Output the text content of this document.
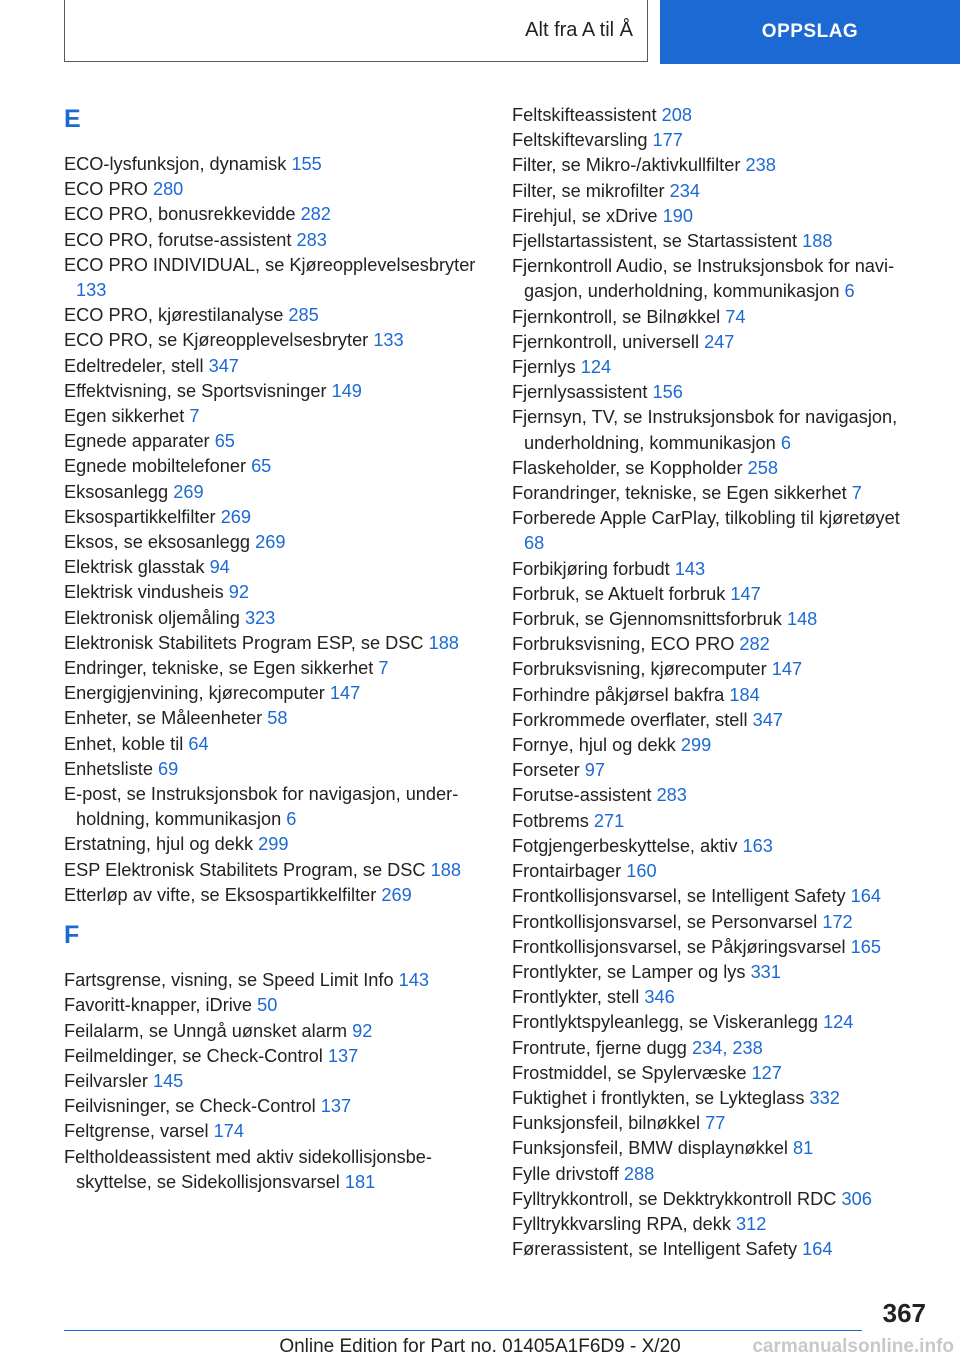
Alt fra A til Å	OPPSLAG
E
ECO-lysfunksjon, dynamisk 155
ECO PRO 280
ECO PRO, bonusrekkevidde 282
ECO PRO, forutse-assistent 283
ECO PRO INDIVIDUAL, se Kjøreopplevelsesbryter 133
ECO PRO, kjørestilanalyse 285
ECO PRO, se Kjøreopplevelsesbryter 133
Edeltredeler, stell 347
Effektvisning, se Sportsvisninger 149
Egen sikkerhet 7
Egnede apparater 65
Egnede mobiltelefoner 65
Eksosanlegg 269
Eksospartikkelfilter 269
Eksos, se eksosanlegg 269
Elektrisk glasstak 94
Elektrisk vindusheis 92
Elektronisk oljemåling 323
Elektronisk Stabilitets Program ESP, se DSC 188
Endringer, tekniske, se Egen sikkerhet 7
Energigjenvining, kjørecomputer 147
Enheter, se Måleenheter 58
Enhet, koble til 64
Enhetsliste 69
E-post, se Instruksjonsbok for navigasjon, underholdning, kommunikasjon 6
Erstatning, hjul og dekk 299
ESP Elektronisk Stabilitets Program, se DSC 188
Etterløp av vifte, se Eksospartikkelfilter 269
F
Fartsgrense, visning, se Speed Limit Info 143
Favoritt-knapper, iDrive 50
Feilalarm, se Unngå uønsket alarm 92
Feilmeldinger, se Check-Control 137
Feilvarsler 145
Feilvisninger, se Check-Control 137
Feltgrense, varsel 174
Feltholdeassistent med aktiv sidekollisjonsbeskyttelse, se Sidekollisjonsvarsel 181
Feltskifteassistent 208
Feltskiftevarsling 177
Filter, se Mikro-/aktivkullfilter 238
Filter, se mikrofilter 234
Firehjul, se xDrive 190
Fjellstartassistent, se Startassistent 188
Fjernkontroll Audio, se Instruksjonsbok for navigasjon, underholdning, kommunikasjon 6
Fjernkontroll, se Bilnøkkel 74
Fjernkontroll, universell 247
Fjernlys 124
Fjernlysassistent 156
Fjernsyn, TV, se Instruksjonsbok for navigasjon, underholdning, kommunikasjon 6
Flaskeholder, se Koppholder 258
Forandringer, tekniske, se Egen sikkerhet 7
Forberede Apple CarPlay, tilkobling til kjøretøyet 68
Forbikjøring forbudt 143
Forbruk, se Aktuelt forbruk 147
Forbruk, se Gjennomsnittsforbruk 148
Forbruksvisning, ECO PRO 282
Forbruksvisning, kjørecomputer 147
Forhindre påkjørsel bakfra 184
Forkrommede overflater, stell 347
Fornye, hjul og dekk 299
Forseter 97
Forutse-assistent 283
Fotbrems 271
Fotgjengerbeskyttelse, aktiv 163
Frontairbager 160
Frontkollisjonsvarsel, se Intelligent Safety 164
Frontkollisjonsvarsel, se Personvarsel 172
Frontkollisjonsvarsel, se Påkjøringsvarsel 165
Frontlykter, se Lamper og lys 331
Frontlykter, stell 346
Frontlyktspyleanlegg, se Viskeranlegg 124
Frontrute, fjerne dugg 234, 238
Frostmiddel, se Spylervæske 127
Fuktighet i frontlykten, se Lykteglass 332
Funksjonsfeil, bilnøkkel 77
Funksjonsfeil, BMW displaynøkkel 81
Fylle drivstoff 288
Fylltrykkontroll, se Dekktrykkontroll RDC 306
Fylltrykkvarsling RPA, dekk 312
Førerassistent, se Intelligent Safety 164
367
Online Edition for Part no. 01405A1F6D9 - X/20	carmanualsonline.info
